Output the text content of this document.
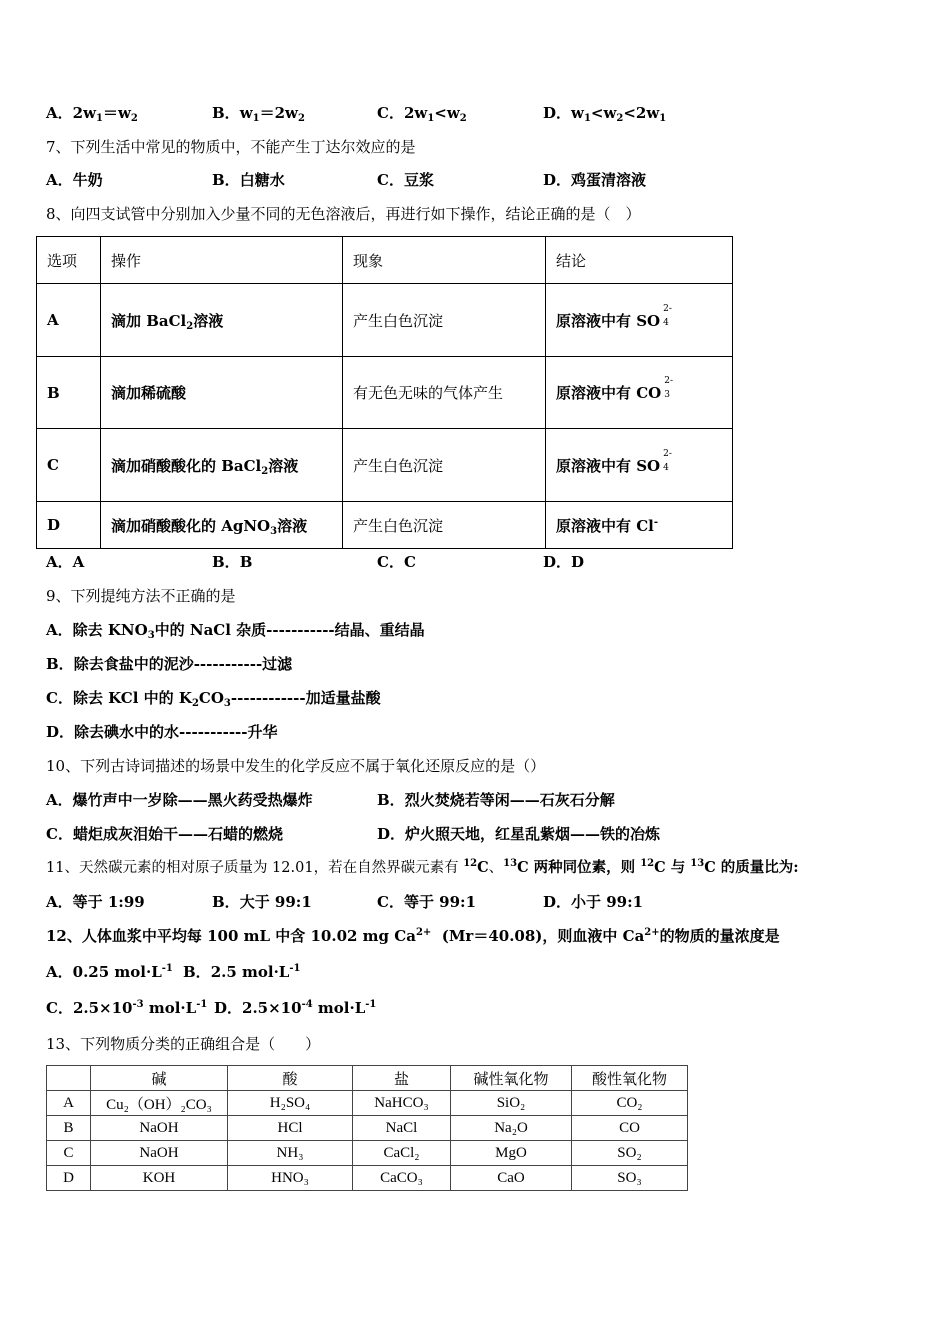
A．$2w_1=w_2$	B．$w_1=2w_2$	C．$2w_1<w_2$	D．$w_1<w_2<2w_1$
7、下列生活中常见的物质中，不能产生丁达尔效应的是
A．牛奶	B．白糖水	C．豆浆	D．鸡蛋清溶液
8、向四支试管中分别加入少量不同的无色溶液后，再进行如下操作，结论正确的是（　）
选项	操作	现象	结论
A	滴加 BaCl$_2$溶液	产生白色沉淀	原溶液中有 SO
2-
4

B	滴加稀硫酸	有无色无味的气体产生	原溶液中有 CO
2-
3

C	滴加硝酸酸化的 BaCl$_2$溶液	产生白色沉淀	原溶液中有 SO
2-
4

D	滴加硝酸酸化的 AgNO$_3$溶液	产生白色沉淀	原溶液中有 Cl-
A．A	B．B	C．C	D．D
9、下列提纯方法不正确的是
A．除去 $KNO_3$中的 NaCl 杂质-----------结晶、重结晶
B．除去食盐中的泥沙-----------过滤
C．除去 KCl 中的 $K_2CO_3------------$加适量盐酸
D．除去碘水中的水-----------升华
10、下列古诗词描述的场景中发生的化学反应不属于氧化还原反应的是（）
A．爆竹声中一岁除——黑火药受热爆炸	B．烈火焚烧若等闲——石灰石分解
C．蜡炬成灰泪始干——石蜡的燃烧	D．炉火照天地，红星乱紫烟——铁的冶炼
11、天然碳元素的相对原子质量为 12.01，若在自然界碳元素有 $^{12}$C、$^{13}$C 两种同位素，则 $^{12}$C 与 $^{13}$C 的质量比为:
A．等于 1:99	B．大于 99:1	C．等于 99:1	D．小于 99:1
12、人体血浆中平均每 100 mL 中含 10.02 mg $Ca^{2+}$ (Mr＝40.08)，则血液中 $Ca^{2+}$的物质的量浓度是
A．0.25 $mol\cdot L^{-1}$ B．2.5 $mol\cdot L^{-1}$
C．$2.5\times 10^{-3}$ $mol\cdot L^{-1}$ D．$2.5\times 10^{-4}$ $mol\cdot L^{-1}$
13、下列物质分类的正确组合是（　　）
	碱	酸	盐	碱性氧化物	酸性氧化物
A	Cu₂（OH）₂CO₃	H₂SO₄	NaHCO₃	SiO₂	CO₂
B	NaOH	HCl	NaCl	Na₂O	CO
C	NaOH	NH₃	CaCl₂	MgO	SO₂
D	KOH	HNO₃	CaCO₃	CaO	SO₃
